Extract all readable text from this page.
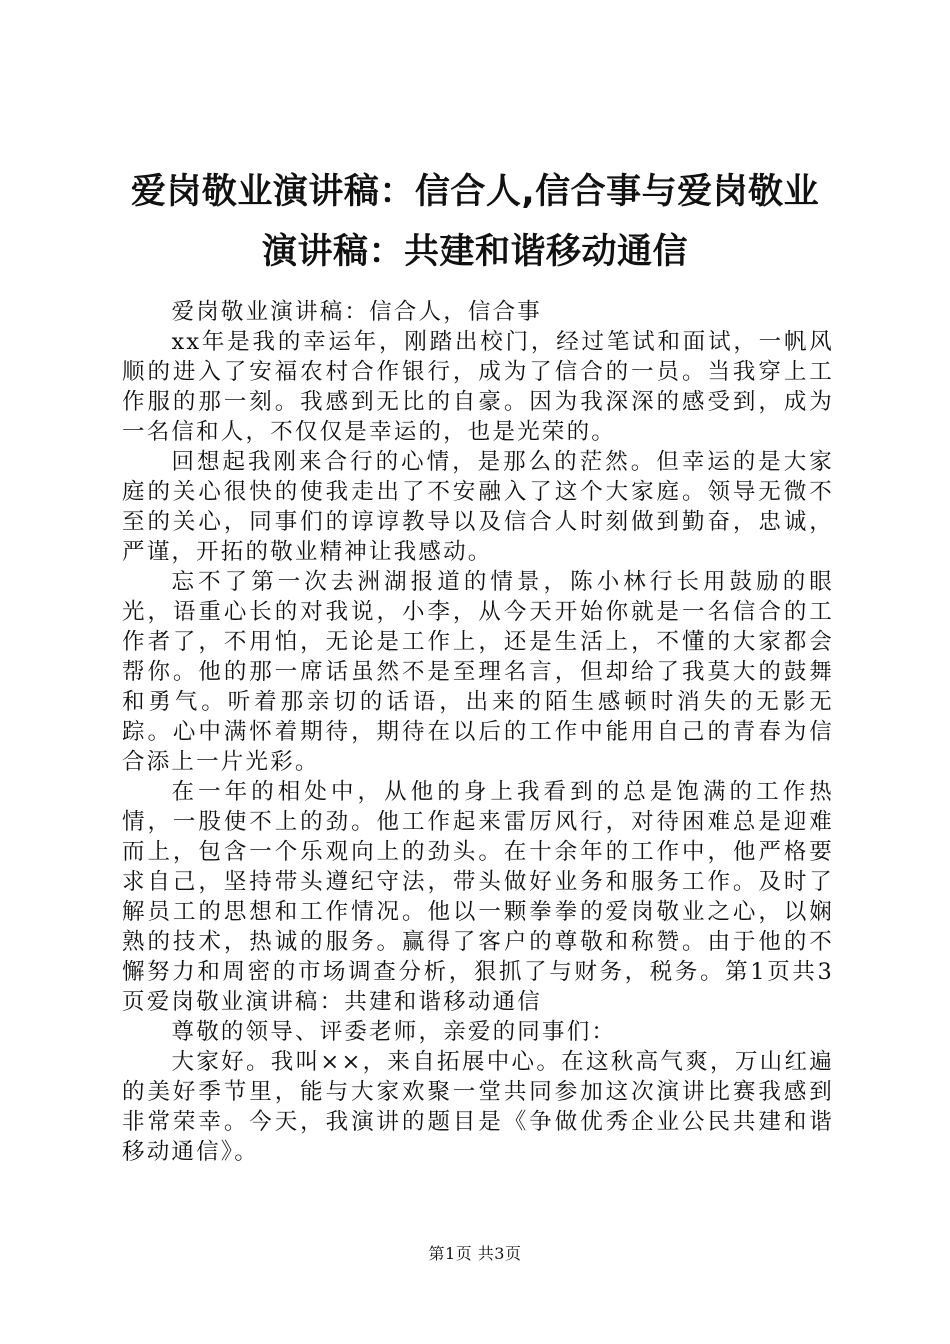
爱岗敬业演讲稿：信合人,信合事与爱岗敬业
演讲稿：共建和谐移动通信

爱岗敬业演讲稿：信合人，信合事

xx年是我的幸运年，刚踏出校门，经过笔试和面试，一帆风顺的进入了安福农村合作银行，成为了信合的一员。当我穿上工作服的那一刻。我感到无比的自豪。因为我深深的感受到，成为一名信和人，不仅仅是幸运的，也是光荣的。

回想起我刚来合行的心情，是那么的茫然。但幸运的是大家庭的关心很快的使我走出了不安融入了这个大家庭。领导无微不至的关心，同事们的谆谆教导以及信合人时刻做到勤奋，忠诚，严谨，开拓的敬业精神让我感动。

忘不了第一次去洲湖报道的情景，陈小林行长用鼓励的眼光，语重心长的对我说，小李，从今天开始你就是一名信合的工作者了，不用怕，无论是工作上，还是生活上，不懂的大家都会帮你。他的那一席话虽然不是至理名言，但却给了我莫大的鼓舞和勇气。听着那亲切的话语，出来的陌生感顿时消失的无影无踪。心中满怀着期待，期待在以后的工作中能用自己的青春为信合添上一片光彩。

在一年的相处中，从他的身上我看到的总是饱满的工作热情，一股使不上的劲。他工作起来雷厉风行，对待困难总是迎难而上，包含一个乐观向上的劲头。在十余年的工作中，他严格要求自己，坚持带头遵纪守法，带头做好业务和服务工作。及时了解员工的思想和工作情况。他以一颗拳拳的爱岗敬业之心，以娴熟的技术，热诚的服务。赢得了客户的尊敬和称赞。由于他的不懈努力和周密的市场调查分析，狠抓了与财务，税务。第1页共3页爱岗敬业演讲稿：共建和谐移动通信

尊敬的领导、评委老师，亲爱的同事们：

大家好。我叫××，来自拓展中心。在这秋高气爽，万山红遍的美好季节里，能与大家欢聚一堂共同参加这次演讲比赛我感到非常荣幸。今天，我演讲的题目是《争做优秀企业公民共建和谐移动通信》。

第1页 共3页
